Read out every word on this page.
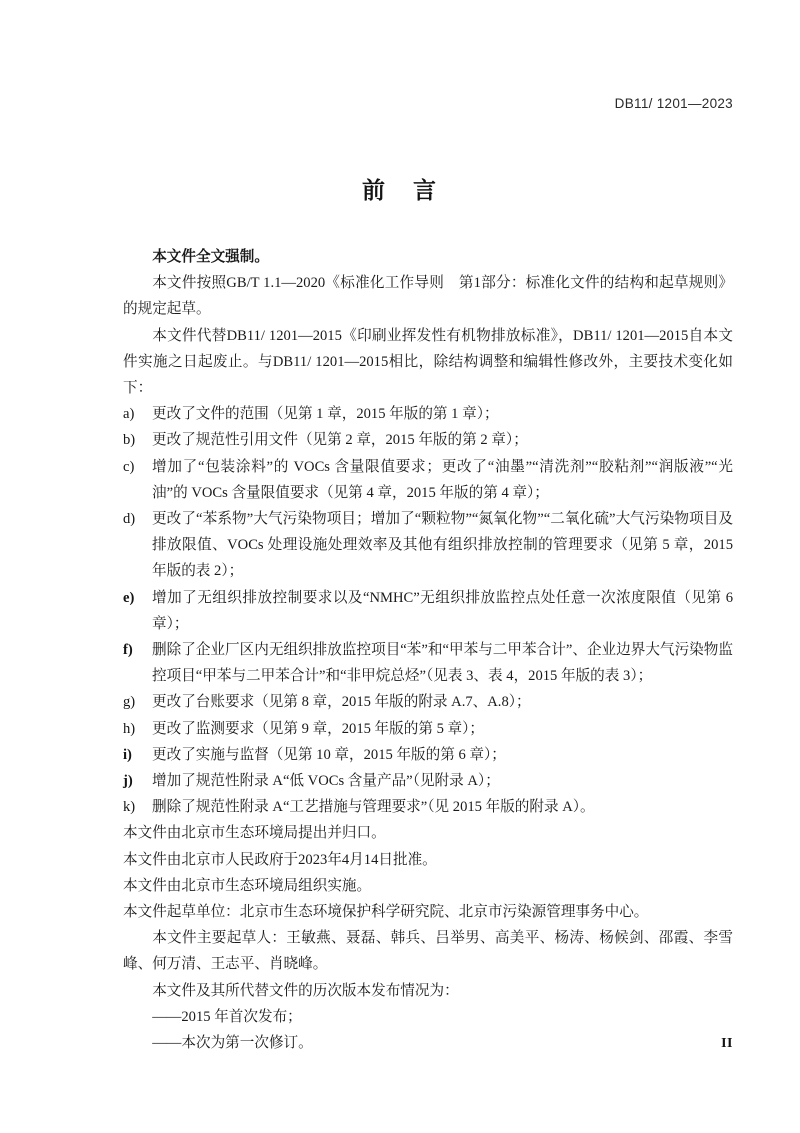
DB11/ 1201—2023
前 言

本文件全文强制。

本文件按照GB/T 1.1—2020《标准化工作导则　第1部分：标准化文件的结构和起草规则》的规定起草。

本文件代替DB11/ 1201—2015《印刷业挥发性有机物排放标准》，DB11/ 1201—2015自本文件实施之日起废止。与DB11/ 1201—2015相比，除结构调整和编辑性修改外，主要技术变化如下：

a)	更改了文件的范围（见第 1 章，2015 年版的第 1 章）；
b)	更改了规范性引用文件（见第 2 章，2015 年版的第 2 章）；
c)	增加了“包装涂料”的 VOCs 含量限值要求；更改了“油墨”“清洗剂”“胶粘剂”“润版液”“光油”的 VOCs 含量限值要求（见第 4 章，2015 年版的第 4 章）；
d)	更改了“苯系物”大气污染物项目；增加了“颗粒物”“氮氧化物”“二氧化硫”大气污染物项目及排放限值、VOCs 处理设施处理效率及其他有组织排放控制的管理要求（见第 5 章，2015 年版的表 2）；
e)	增加了无组织排放控制要求以及“NMHC”无组织排放监控点处任意一次浓度限值（见第 6 章）；
f)	删除了企业厂区内无组织排放监控项目“苯”和“甲苯与二甲苯合计”、企业边界大气污染物监控项目“甲苯与二甲苯合计”和“非甲烷总烃”（见表 3、表 4，2015 年版的表 3）；
g)	更改了台账要求（见第 8 章，2015 年版的附录 A.7、A.8）；
h)	更改了监测要求（见第 9 章，2015 年版的第 5 章）；
i)	更改了实施与监督（见第 10 章，2015 年版的第 6 章）；
j)	增加了规范性附录 A“低 VOCs 含量产品”（见附录 A）；
k)	删除了规范性附录 A“工艺措施与管理要求”（见 2015 年版的附录 A）。

本文件由北京市生态环境局提出并归口。

本文件由北京市人民政府于2023年4月14日批准。

本文件由北京市生态环境局组织实施。

本文件起草单位：北京市生态环境保护科学研究院、北京市污染源管理事务中心。

本文件主要起草人：王敏燕、聂磊、韩兵、吕举男、高美平、杨涛、杨候剑、邵霞、李雪峰、何万清、王志平、肖晓峰。

本文件及其所代替文件的历次版本发布情况为：

——2015 年首次发布；

——本次为第一次修订。	II
